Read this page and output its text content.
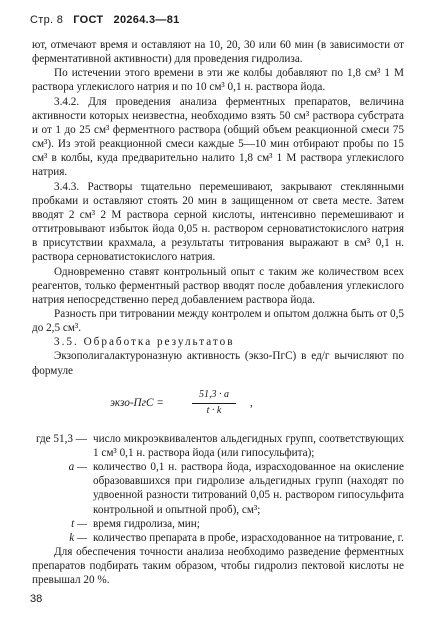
Стр. 8 ГОСТ 20264.3—81

ют, отмечают время и оставляют на 10, 20, 30 или 60 мин (в зависимости от ферментативной активности) для проведения гидролиза.

По истечении этого времени в эти же колбы добавляют по 1,8 см³ 1 М раствора углекислого натрия и по 10 см³ 0,1 н. раствора йода.

3.4.2. Для проведения анализа ферментных препаратов, величина активности которых неизвестна, необходимо взять 50 см³ раствора субстрата и от 1 до 25 см³ ферментного раствора (общий объем реакционной смеси 75 см³). Из этой реакционной смеси каждые 5—10 мин отбирают пробы по 15 см³ в колбы, куда предварительно налито 1,8 см³ 1 М раствора углекислого натрия.

3.4.3. Растворы тщательно перемешивают, закрывают стеклянными пробками и оставляют стоять 20 мин в защищенном от света месте. Затем вводят 2 см³ 2 М раствора серной кислоты, интенсивно перемешивают и оттитровывают избыток йода 0,05 н. раствором серноватистокислого натрия в присутствии крахмала, а результаты титрования выражают в см³ 0,1 н. раствора серноватистокислого натрия.

Одновременно ставят контрольный опыт с таким же количеством всех реагентов, только ферментный раствор вводят после добавления углекислого натрия непосредственно перед добавлением раствора йода.

Разность при титровании между контролем и опытом должна быть от 0,5 до 2,5 см³.

3.5. Обработка результатов

Экзополигалактуроназную активность (экзо-ПгС) в ед/г вычисляют по формуле

экзо-ПгС =	$\frac{51,3 \cdot a}{t \cdot k}$ ,
где 51,3 — число микроэквивалентов альдегидных групп, соответствующих 1 см³ 0,1 н. раствора йода (или гипосульфита);
a — количество 0,1 н. раствора йода, израсходованное на окисление образовавшихся при гидролизе альдегидных групп (находят по удвоенной разности титрований 0,05 н. раствором гипосульфита контрольной и опытной проб), см³;
t — время гидролиза, мин;
k — количество препарата в пробе, израсходованное на титрование, г.

Для обеспечения точности анализа необходимо разведение ферментных препаратов подбирать таким образом, чтобы гидролиз пектовой кислоты не превышал 20 %.

38
